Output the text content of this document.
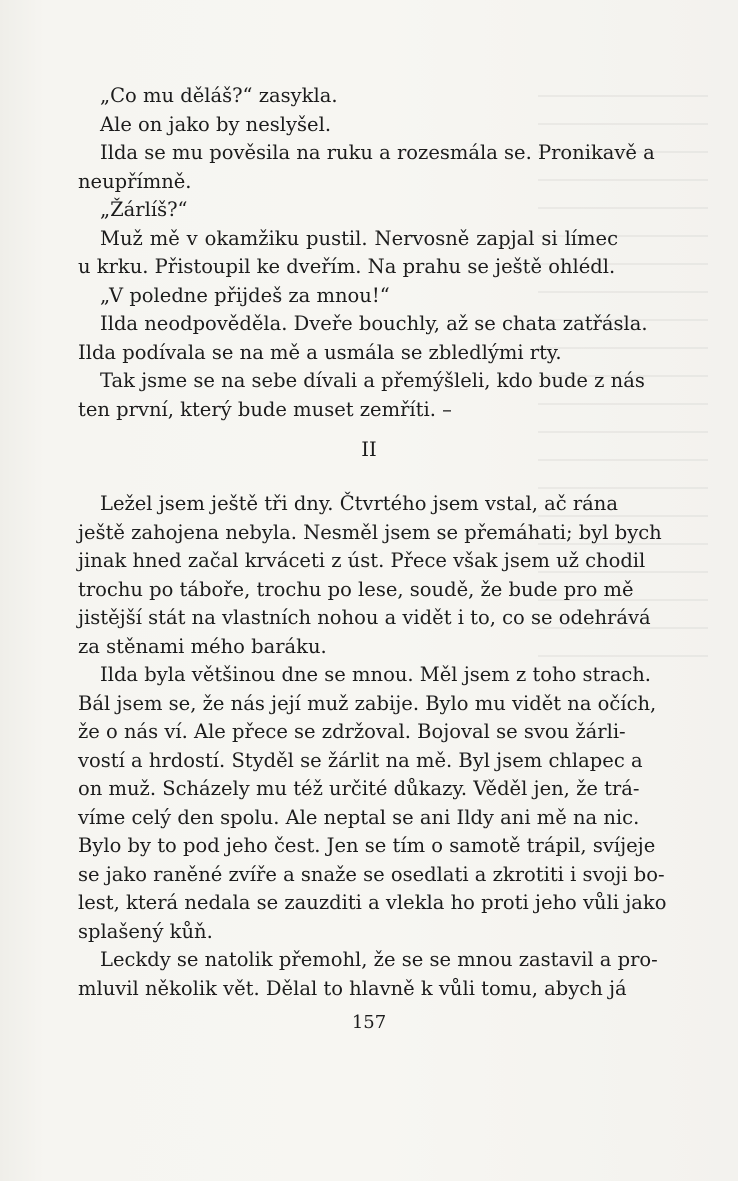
„Co mu děláš?“ zasykla.
Ale on jako by neslyšel.
Ilda se mu pověsila na ruku a rozesmála se. Pronikavě a
neupřímně.
„Žárlíš?“
Muž mě v okamžiku pustil. Nervosně zapjal si límec
u krku. Přistoupil ke dveřím. Na prahu se ještě ohlédl.
„V poledne přijdeš za mnou!“
Ilda neodpověděla. Dveře bouchly, až se chata zatřásla.
Ilda podívala se na mě a usmála se zbledlými rty.
Tak jsme se na sebe dívali a přemýšleli, kdo bude z nás
ten první, který bude muset zemříti. –
II
Ležel jsem ještě tři dny. Čtvrtého jsem vstal, ač rána
ještě zahojena nebyla. Nesměl jsem se přemáhati; byl bych
jinak hned začal krváceti z úst. Přece však jsem už chodil
trochu po táboře, trochu po lese, soudě, že bude pro mě
jistější stát na vlastních nohou a vidět i to, co se odehrává
za stěnami mého baráku.
Ilda byla většinou dne se mnou. Měl jsem z toho strach.
Bál jsem se, že nás její muž zabije. Bylo mu vidět na očích,
že o nás ví. Ale přece se zdržoval. Bojoval se svou žárli-
vostí a hrdostí. Styděl se žárlit na mě. Byl jsem chlapec a
on muž. Scházely mu též určité důkazy. Věděl jen, že trá-
víme celý den spolu. Ale neptal se ani Ildy ani mě na nic.
Bylo by to pod jeho čest. Jen se tím o samotě trápil, svíjeje
se jako raněné zvíře a snaže se osedlati a zkrotiti i svoji bo-
lest, která nedala se zauzditi a vlekla ho proti jeho vůli jako
splašený kůň.
Leckdy se natolik přemohl, že se se mnou zastavil a pro-
mluvil několik vět. Dělal to hlavně k vůli tomu, abych já
157
